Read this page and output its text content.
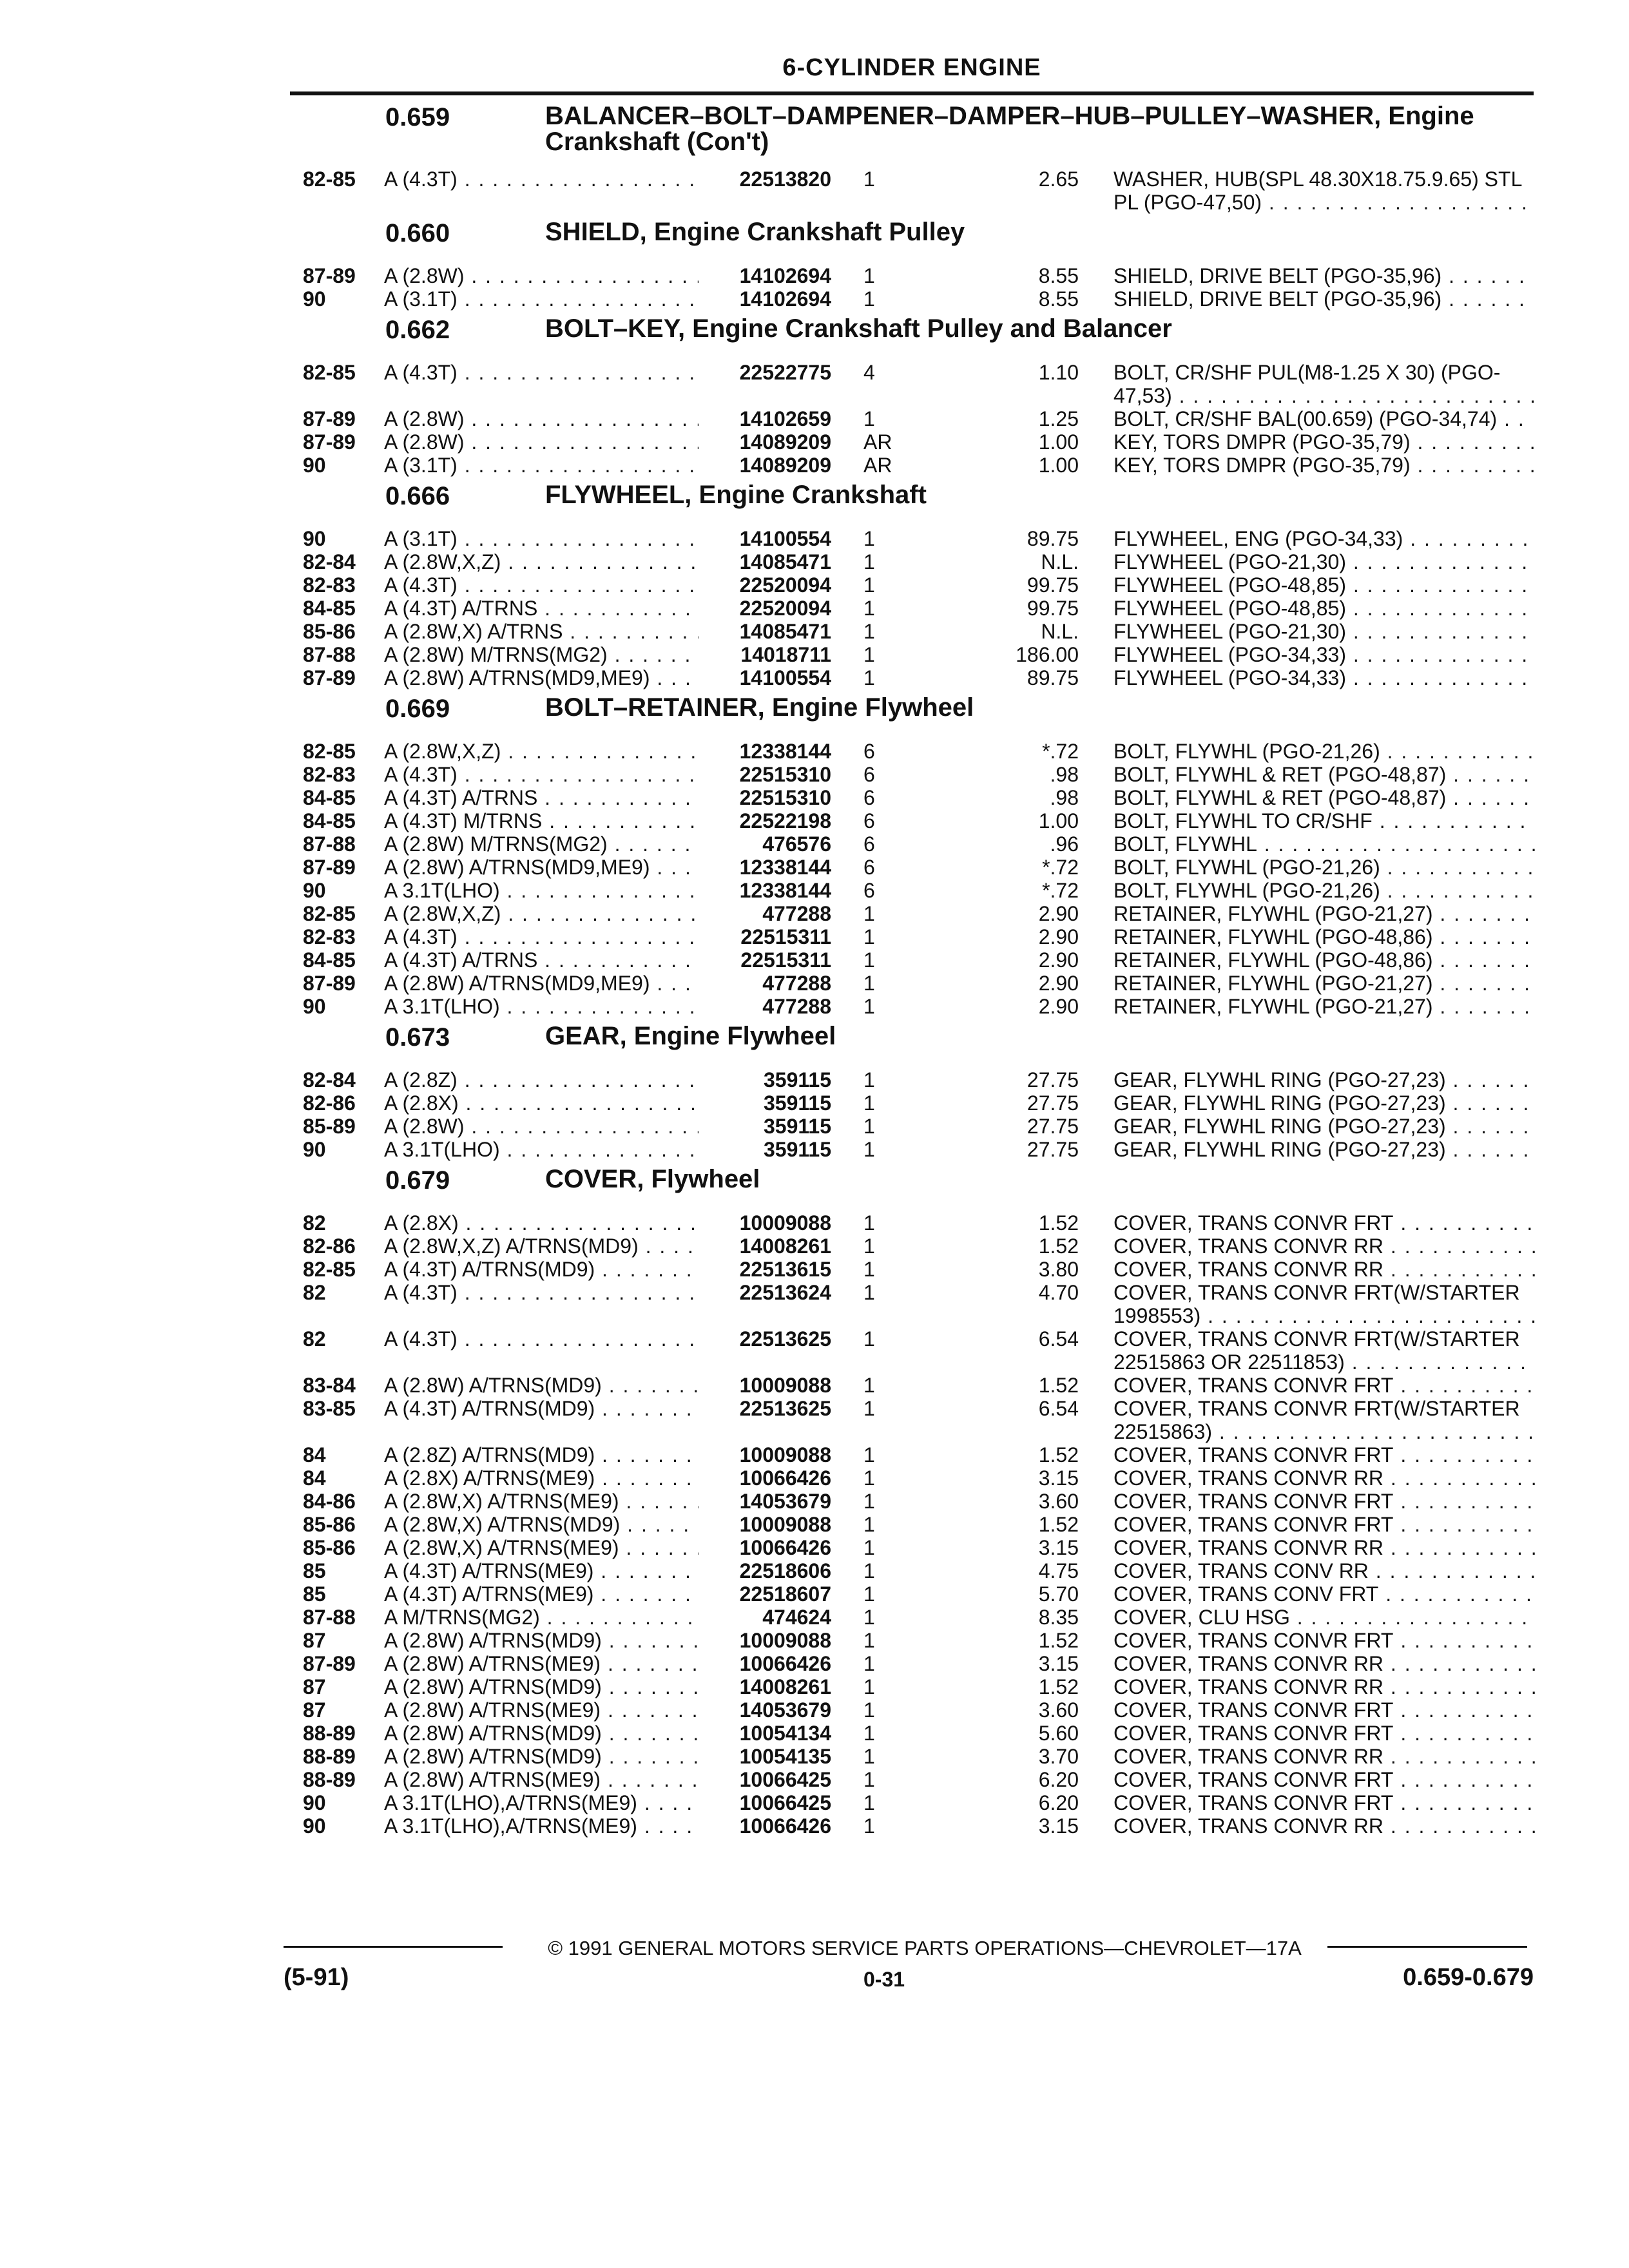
6-CYLINDER ENGINE
0.659	BALANCER–BOLT–DAMPENER–DAMPER–HUB–PULLEY–WASHER, Engine Crankshaft (Con't)
82-85 A (4.3T) . . .	22513820 1	2.65 WASHER, HUB(SPL 48.30X18.75.9.65) STL PL (PGO-47,50) . . .
0.660	SHIELD, Engine Crankshaft Pulley
87-89 A (2.8W) . . .	14102694 1	8.55 SHIELD, DRIVE BELT (PGO-35,96) . . .
90	A (3.1T) . . .	14102694 1	8.55 SHIELD, DRIVE BELT (PGO-35,96) . . .
0.662	BOLT–KEY, Engine Crankshaft Pulley and Balancer
82-85 A (4.3T) . . .	22522775 4	1.10 BOLT, CR/SHF PUL(M8-1.25 X 30) (PGO-47,53) . . .
87-89 A (2.8W) . . .	14102659 1	1.25 BOLT, CR/SHF BAL(00.659) (PGO-34,74) . . .
87-89 A (2.8W) . . .	14089209 AR	1.00 KEY, TORS DMPR (PGO-35,79) . . .
90	A (3.1T) . . .	14089209 AR	1.00 KEY, TORS DMPR (PGO-35,79) . . .
0.666	FLYWHEEL, Engine Crankshaft
90	A (3.1T) . . .	14100554 1	89.75 FLYWHEEL, ENG (PGO-34,33) . . .
82-84 A (2.8W,X,Z) . . .	14085471 1	N.L. FLYWHEEL (PGO-21,30) . . .
82-83 A (4.3T) . . .	22520094 1	99.75 FLYWHEEL (PGO-48,85) . . .
84-85 A (4.3T) A/TRNS . . .	22520094 1	99.75 FLYWHEEL (PGO-48,85) . . .
85-86 A (2.8W,X) A/TRNS . . .	14085471 1	N.L. FLYWHEEL (PGO-21,30) . . .
87-88 A (2.8W) M/TRNS(MG2) . . .	14018711 1	186.00 FLYWHEEL (PGO-34,33) . . .
87-89 A (2.8W) A/TRNS(MD9,ME9) . . .	14100554 1	89.75 FLYWHEEL (PGO-34,33) . . .
0.669	BOLT–RETAINER, Engine Flywheel
82-85 A (2.8W,X,Z) . . .	12338144 6	*.72 BOLT, FLYWHL (PGO-21,26) . . .
82-83 A (4.3T) . . .	22515310 6	.98 BOLT, FLYWHL & RET (PGO-48,87) . . .
84-85 A (4.3T) A/TRNS . . .	22515310 6	.98 BOLT, FLYWHL & RET (PGO-48,87) . . .
84-85 A (4.3T) M/TRNS . . .	22522198 6	1.00 BOLT, FLYWHL TO CR/SHF . . .
87-88 A (2.8W) M/TRNS(MG2) . . .	476576 6	.96 BOLT, FLYWHL . . .
87-89 A (2.8W) A/TRNS(MD9,ME9) . . .	12338144 6	*.72 BOLT, FLYWHL (PGO-21,26) . . .
90	A 3.1T(LHO) . . .	12338144 6	*.72 BOLT, FLYWHL (PGO-21,26) . . .
82-85 A (2.8W,X,Z) . . .	477288 1	2.90 RETAINER, FLYWHL (PGO-21,27) . . .
82-83 A (4.3T) . . .	22515311 1	2.90 RETAINER, FLYWHL (PGO-48,86) . . .
84-85 A (4.3T) A/TRNS . . .	22515311 1	2.90 RETAINER, FLYWHL (PGO-48,86) . . .
87-89 A (2.8W) A/TRNS(MD9,ME9) . . .	477288 1	2.90 RETAINER, FLYWHL (PGO-21,27) . . .
90	A 3.1T(LHO) . . .	477288 1	2.90 RETAINER, FLYWHL (PGO-21,27) . . .
0.673	GEAR, Engine Flywheel
82-84 A (2.8Z) . . .	359115 1	27.75 GEAR, FLYWHL RING (PGO-27,23) . . .
82-86 A (2.8X) . . .	359115 1	27.75 GEAR, FLYWHL RING (PGO-27,23) . . .
85-89 A (2.8W) . . .	359115 1	27.75 GEAR, FLYWHL RING (PGO-27,23) . . .
90	A 3.1T(LHO) . . .	359115 1	27.75 GEAR, FLYWHL RING (PGO-27,23) . . .
0.679	COVER, Flywheel
82	A (2.8X) . . .	10009088 1	1.52 COVER, TRANS CONVR FRT . . .
82-86 A (2.8W,X,Z) A/TRNS(MD9) . . .	14008261 1	1.52 COVER, TRANS CONVR RR . . .
82-85 A (4.3T) A/TRNS(MD9) . . .	22513615 1	3.80 COVER, TRANS CONVR RR . . .
82	A (4.3T) . . .	22513624 1	4.70 COVER, TRANS CONVR FRT(W/STARTER 1998553) . . .
82	A (4.3T) . . .	22513625 1	6.54 COVER, TRANS CONVR FRT(W/STARTER 22515863 OR 22511853) . . .
83-84 A (2.8W) A/TRNS(MD9) . . .	10009088 1	1.52 COVER, TRANS CONVR FRT . . .
83-85 A (4.3T) A/TRNS(MD9) . . .	22513625 1	6.54 COVER, TRANS CONVR FRT(W/STARTER 22515863) . . .
84	A (2.8Z) A/TRNS(MD9) . . .	10009088 1	1.52 COVER, TRANS CONVR FRT . . .
84	A (2.8X) A/TRNS(ME9) . . .	10066426 1	3.15 COVER, TRANS CONVR RR . . .
84-86 A (2.8W,X) A/TRNS(ME9) . . .	14053679 1	3.60 COVER, TRANS CONVR FRT . . .
85-86 A (2.8W,X) A/TRNS(MD9) . . .	10009088 1	1.52 COVER, TRANS CONVR FRT . . .
85-86 A (2.8W,X) A/TRNS(ME9) . . .	10066426 1	3.15 COVER, TRANS CONVR RR . . .
85	A (4.3T) A/TRNS(ME9) . . .	22518606 1	4.75 COVER, TRANS CONV RR . . .
85	A (4.3T) A/TRNS(ME9) . . .	22518607 1	5.70 COVER, TRANS CONV FRT . . .
87-88 A M/TRNS(MG2) . . .	474624 1	8.35 COVER, CLU HSG . . .
87	A (2.8W) A/TRNS(MD9) . . .	10009088 1	1.52 COVER, TRANS CONVR FRT . . .
87-89 A (2.8W) A/TRNS(ME9) . . .	10066426 1	3.15 COVER, TRANS CONVR RR . . .
87	A (2.8W) A/TRNS(MD9) . . .	14008261 1	1.52 COVER, TRANS CONVR RR . . .
87	A (2.8W) A/TRNS(ME9) . . .	14053679 1	3.60 COVER, TRANS CONVR FRT . . .
88-89 A (2.8W) A/TRNS(MD9) . . .	10054134 1	5.60 COVER, TRANS CONVR FRT . . .
88-89 A (2.8W) A/TRNS(MD9) . . .	10054135 1	3.70 COVER, TRANS CONVR RR . . .
88-89 A (2.8W) A/TRNS(ME9) . . .	10066425 1	6.20 COVER, TRANS CONVR FRT . . .
90	A 3.1T(LHO),A/TRNS(ME9) . . .	10066425 1	6.20 COVER, TRANS CONVR FRT . . .
90	A 3.1T(LHO),A/TRNS(ME9) . . .	10066426 1	3.15 COVER, TRANS CONVR RR . . .
© 1991 GENERAL MOTORS SERVICE PARTS OPERATIONS—CHEVROLET—17A
(5-91)	0-31	0.659-0.679
